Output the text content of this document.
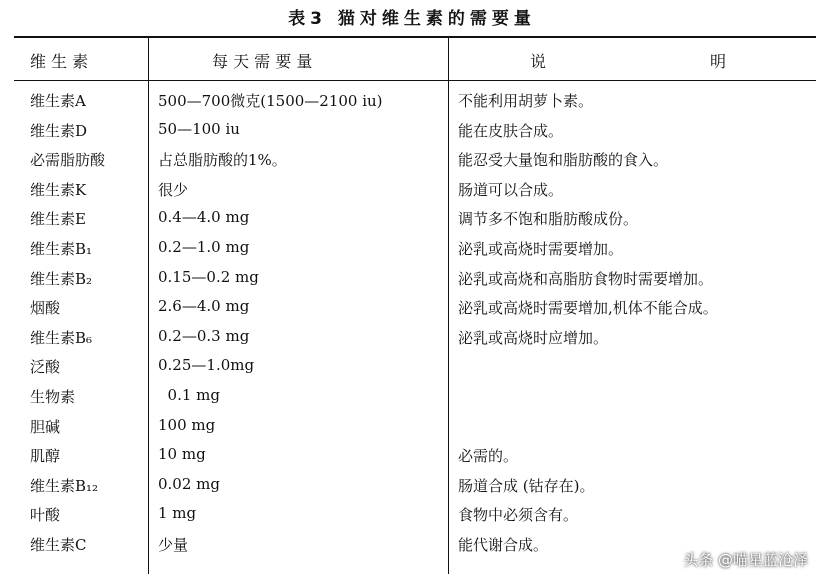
表3 猫对维生素的需要量
维 生 素	每 天 需 要 量	说	明
维生素A	500—700微克(1500—2100 iu)	不能利用胡萝卜素。
维生素D	50—100 iu	能在皮肤合成。
必需脂肪酸	占总脂肪酸的1%。	能忍受大量饱和脂肪酸的食入。
维生素K	很少	肠道可以合成。
维生素E	0.4—4.0 mg	调节多不饱和脂肪酸成份。
维生素B₁	0.2—1.0 mg	泌乳或高烧时需要增加。
维生素B₂	0.15—0.2 mg	泌乳或高烧和高脂肪食物时需要增加。
烟酸	2.6—4.0 mg	泌乳或高烧时需要增加,机体不能合成。
维生素B₆	0.2—0.3 mg	泌乳或高烧时应增加。
泛酸	0.25—1.0mg
生物素	0.1 mg
胆碱	100 mg
肌醇	10 mg	必需的。
维生素B₁₂	0.02 mg	肠道合成 (钴存在)。
叶酸	1 mg	食物中必须含有。
维生素C	少量	能代谢合成。
头条 @喵星蓝沧泽
